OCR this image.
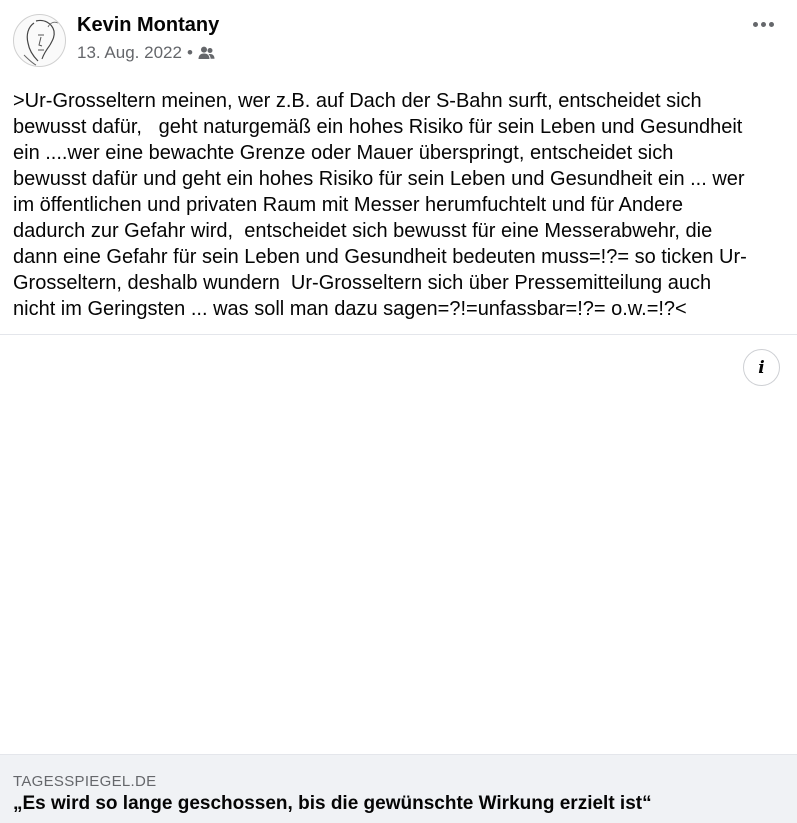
Kevin Montany
13. Aug. 2022 •
>Ur-Grosseltern meinen, wer z.B. auf Dach der S-Bahn surft, entscheidet sich
bewusst dafür,   geht naturgemäß ein hohes Risiko für sein Leben und Gesundheit
ein ....wer eine bewachte Grenze oder Mauer überspringt, entscheidet sich
bewusst dafür und geht ein hohes Risiko für sein Leben und Gesundheit ein ... wer
im öffentlichen und privaten Raum mit Messer herumfuchtelt und für Andere
dadurch zur Gefahr wird,  entscheidet sich bewusst für eine Messerabwehr, die
dann eine Gefahr für sein Leben und Gesundheit bedeuten muss=!?= so ticken Ur-
Grosseltern, deshalb wundern  Ur-Grosseltern sich über Pressemitteilung auch
nicht im Geringsten ... was soll man dazu sagen=?!=unfassbar=!?= o.w.=!?<
i
TAGESSPIEGEL.DE
„Es wird so lange geschossen, bis die gewünschte Wirkung erzielt ist“
